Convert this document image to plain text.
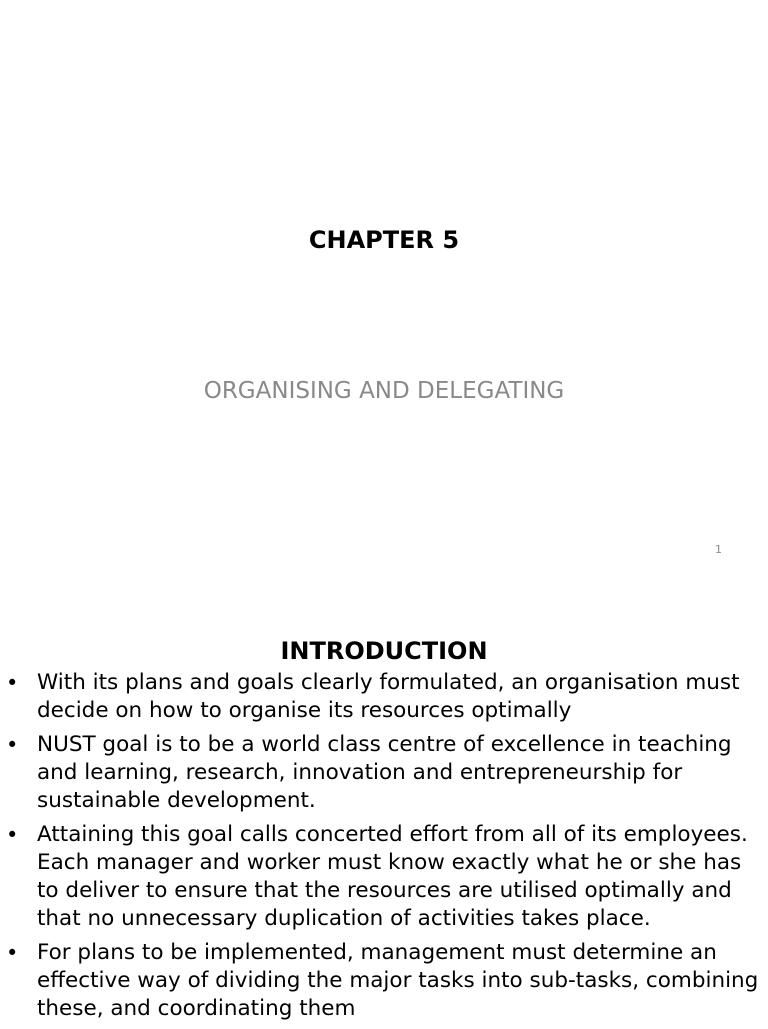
CHAPTER 5
ORGANISING AND DELEGATING
1
INTRODUCTION
• With its plans and goals clearly formulated, an organisation must decide on how to organise its resources optimally
• NUST goal is to be a world class centre of excellence in teaching and learning, research, innovation and entrepreneurship for sustainable development.
• Attaining this goal calls concerted effort from all of its employees. Each manager and worker must know exactly what he or she has to deliver to ensure that the resources are utilised optimally and that no unnecessary duplication of activities takes place.
• For plans to be implemented, management must determine an effective way of dividing the major tasks into sub-tasks, combining these, and coordinating them
